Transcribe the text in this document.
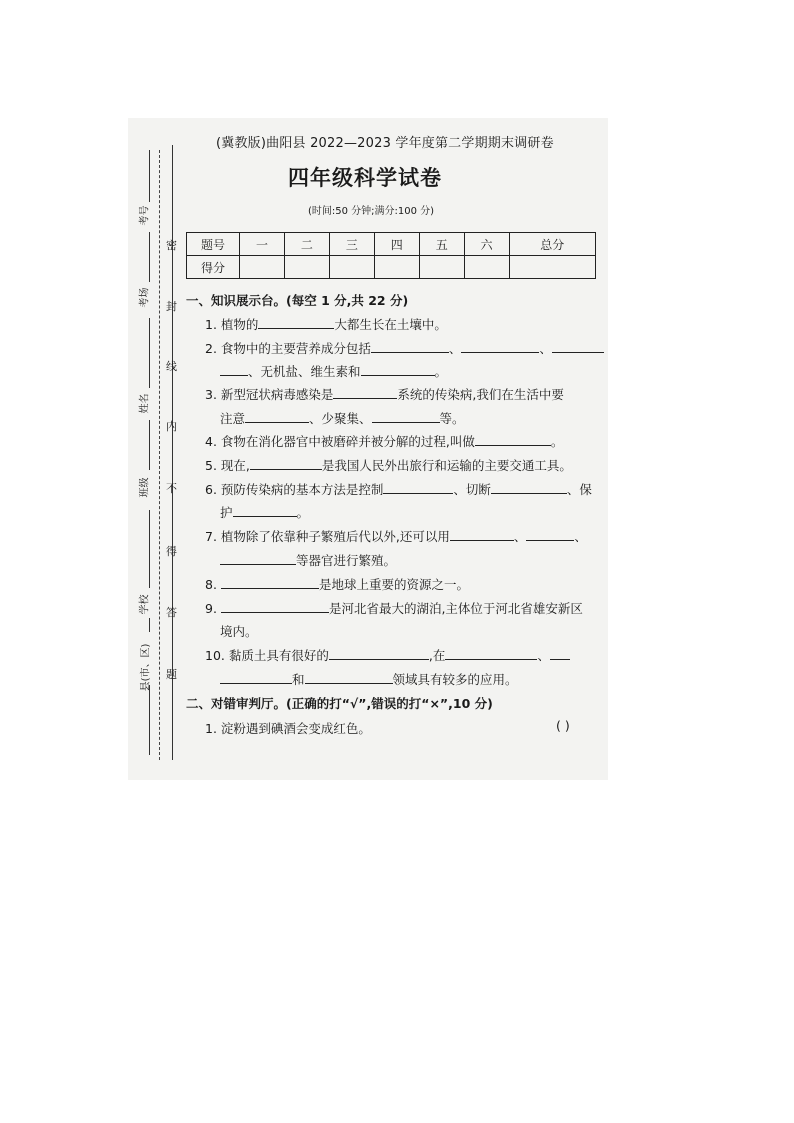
考号
考场
姓名
班级
学校
县(市、区)
密
封
线
内
不
得
答
题
(冀教版)曲阳县 2022—2023 学年度第二学期期末调研卷
四年级科学试卷
(时间:50 分钟;满分:100 分)
题号	一	二	三	四	五	六	总分
得分							
一、知识展示台。(每空 1 分,共 22 分)
1. 植物的	大都生长在土壤中。
2. 食物中的主要营养成分包括	、	、
、无机盐、维生素和	。
3. 新型冠状病毒感染是	系统的传染病,我们在生活中要
注意	、少聚集、	等。
4. 食物在消化器官中被磨碎并被分解的过程,叫做	。
5. 现在,	是我国人民外出旅行和运输的主要交通工具。
6. 预防传染病的基本方法是控制	、切断	、保
护	。
7. 植物除了依靠种子繁殖后代以外,还可以用	、	、
等器官进行繁殖。
8.	是地球上重要的资源之一。
9.	是河北省最大的湖泊,主体位于河北省雄安新区
境内。
10. 黏质土具有很好的	,在	、
和	领域具有较多的应用。
二、对错审判厅。(正确的打“√”,错误的打“×”,10 分)
1. 淀粉遇到碘酒会变成红色。	( )
